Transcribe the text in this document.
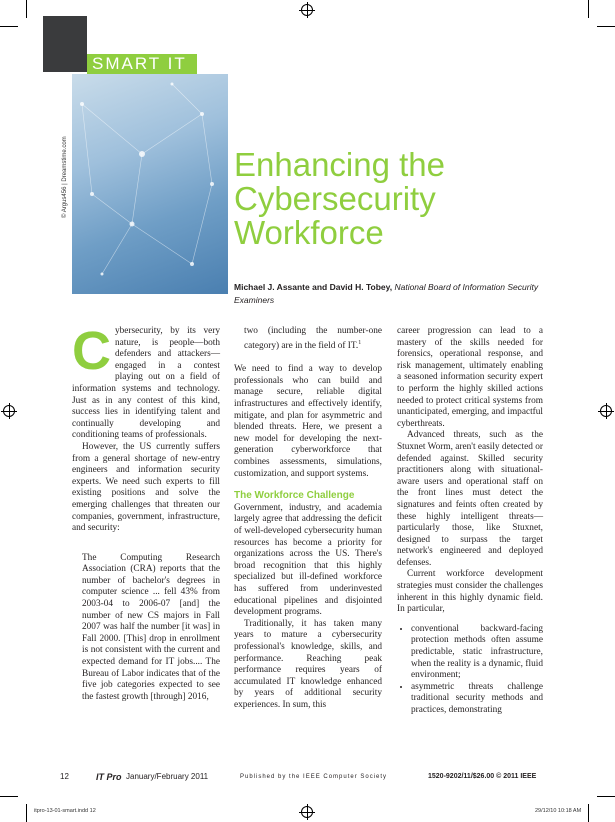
SMART IT
© Argus456 | Dreamstime.com	Enhancing the
Cybersecurity
Workforce
Michael J. Assante and David H. Tobey, National Board of Information Security Examiners
C ybersecurity, by its very nature, is people—both defenders and attackers—engaged in a contest playing out on a field of information systems and technology. Just as in any contest of this kind, success lies in identifying talent and continually developing and conditioning teams of professionals.

However, the US currently suffers from a general shortage of new-entry engineers and information security experts. We need such experts to fill existing positions and solve the emerging challenges that threaten our companies, government, infrastructure, and security:

The Computing Research Association (CRA) reports that the number of bachelor's degrees in computer science ... fell 43% from 2003-04 to 2006-07 [and] the number of new CS majors in Fall 2007 was half the number [it was] in Fall 2000. [This] drop in enrollment is not consistent with the current and expected demand for IT jobs.... The Bureau of Labor indicates that of the five job categories expected to see the fastest growth [through] 2016,

two (including the number-one category) are in the field of IT.$^1$

We need to find a way to develop professionals who can build and manage secure, reliable digital infrastructures and effectively identify, mitigate, and plan for asymmetric and blended threats. Here, we present a new model for developing the next-generation cyberworkforce that combines assessments, simulations, customization, and support systems.

The Workforce Challenge

Government, industry, and academia largely agree that addressing the deficit of well-developed cybersecurity human resources has become a priority for organizations across the US. There's broad recognition that this highly specialized but ill-defined workforce has suffered from underinvested educational pipelines and disjointed development programs.

Traditionally, it has taken many years to mature a cybersecurity professional's knowledge, skills, and performance. Reaching peak performance requires years of accumulated IT knowledge enhanced by years of additional security experiences. In sum, this

career progression can lead to a mastery of the skills needed for forensics, operational response, and risk management, ultimately enabling a seasoned information security expert to perform the highly skilled actions needed to protect critical systems from unanticipated, emerging, and impactful cyberthreats.

Advanced threats, such as the Stuxnet Worm, aren't easily detected or defended against. Skilled security practitioners along with situational-aware users and operational staff on the front lines must detect the signatures and feints often created by these highly intelligent threats—particularly those, like Stuxnet, designed to surpass the target network's engineered and deployed defenses.

Current workforce development strategies must consider the challenges inherent in this highly dynamic field. In particular,

• conventional backward-facing protection methods often assume predictable, static infrastructure, when the reality is a dynamic, fluid environment;
• asymmetric threats challenge traditional security methods and practices, demonstrating
12	IT Pro January/February 2011	Published by the IEEE Computer Society	1520-9202/11/$26.00 © 2011 IEEE
itpro-13-01-smart.indd 12	29/12/10 10:18 AM
